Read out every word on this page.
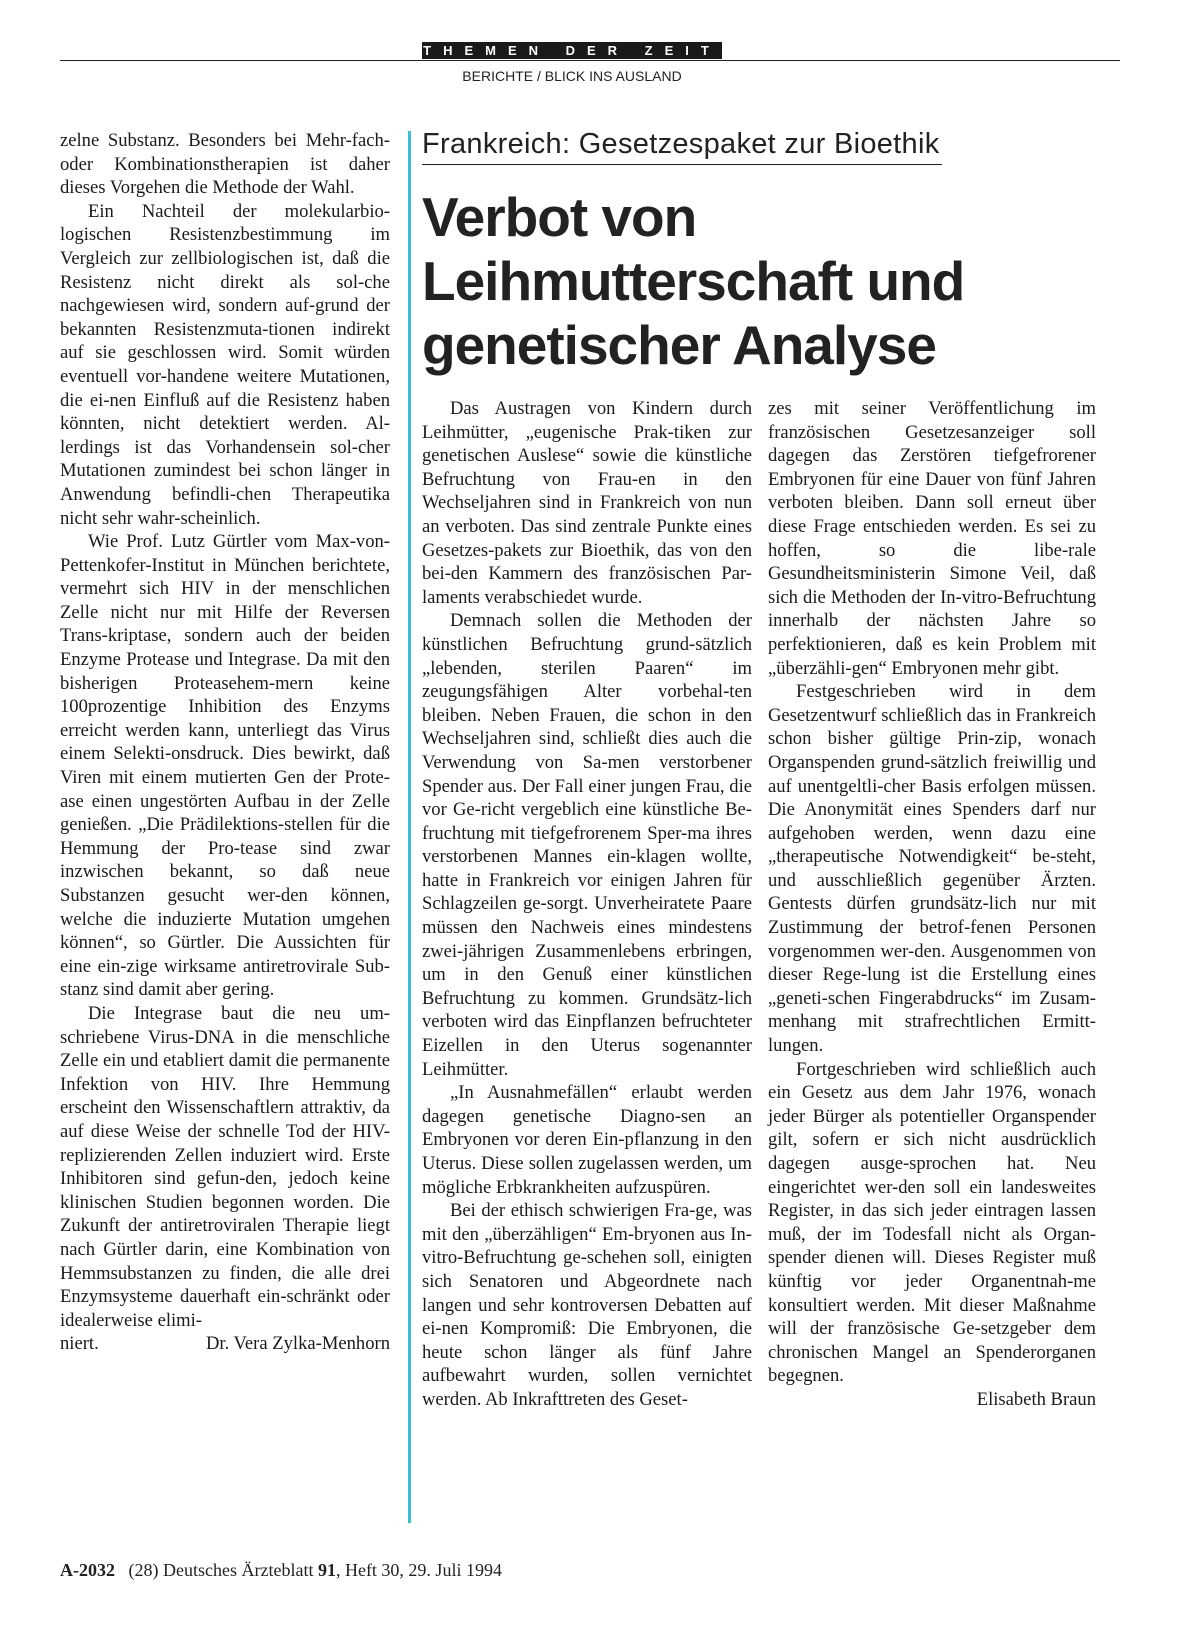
THEMEN DER ZEIT
BERICHTE / BLICK INS AUSLAND

zelne Substanz. Besonders bei Mehr-fach- oder Kombinationstherapien ist daher dieses Vorgehen die Methode der Wahl.

Ein Nachteil der molekularbio-logischen Resistenzbestimmung im Vergleich zur zellbiologischen ist, daß die Resistenz nicht direkt als sol-che nachgewiesen wird, sondern auf-grund der bekannten Resistenzmuta-tionen indirekt auf sie geschlossen wird. Somit würden eventuell vor-handene weitere Mutationen, die ei-nen Einfluß auf die Resistenz haben könnten, nicht detektiert werden. Al-lerdings ist das Vorhandensein sol-cher Mutationen zumindest bei schon länger in Anwendung befindli-chen Therapeutika nicht sehr wahr-scheinlich.

Wie Prof. Lutz Gürtler vom Max-von-Pettenkofer-Institut in München berichtete, vermehrt sich HIV in der menschlichen Zelle nicht nur mit Hilfe der Reversen Trans-kriptase, sondern auch der beiden Enzyme Protease und Integrase. Da mit den bisherigen Proteasehem-mern keine 100prozentige Inhibition des Enzyms erreicht werden kann, unterliegt das Virus einem Selekti-onsdruck. Dies bewirkt, daß Viren mit einem mutierten Gen der Prote-ase einen ungestörten Aufbau in der Zelle genießen. „Die Prädilektions-stellen für die Hemmung der Pro-tease sind zwar inzwischen bekannt, so daß neue Substanzen gesucht wer-den können, welche die induzierte Mutation umgehen können“, so Gürtler. Die Aussichten für eine ein-zige wirksame antiretrovirale Sub-stanz sind damit aber gering.

Die Integrase baut die neu um-schriebene Virus-DNA in die menschliche Zelle ein und etabliert damit die permanente Infektion von HIV. Ihre Hemmung erscheint den Wissenschaftlern attraktiv, da auf diese Weise der schnelle Tod der HIV-replizierenden Zellen induziert wird. Erste Inhibitoren sind gefun-den, jedoch keine klinischen Studien begonnen worden. Die Zukunft der antiretroviralen Therapie liegt nach Gürtler darin, eine Kombination von Hemmsubstanzen zu finden, die alle drei Enzymsysteme dauerhaft ein-schränkt oder idealerweise elimi-

niert.	Dr. Vera Zylka-Menhorn

Frankreich: Gesetzespaket zur Bioethik
Verbot von
Leihmutterschaft und
genetischer Analyse

Das Austragen von Kindern durch Leihmütter, „eugenische Prak-tiken zur genetischen Auslese“ sowie die künstliche Befruchtung von Frau-en in den Wechseljahren sind in Frankreich von nun an verboten. Das sind zentrale Punkte eines Gesetzes-pakets zur Bioethik, das von den bei-den Kammern des französischen Par-laments verabschiedet wurde.

Demnach sollen die Methoden der künstlichen Befruchtung grund-sätzlich „lebenden, sterilen Paaren“ im zeugungsfähigen Alter vorbehal-ten bleiben. Neben Frauen, die schon in den Wechseljahren sind, schließt dies auch die Verwendung von Sa-men verstorbener Spender aus. Der Fall einer jungen Frau, die vor Ge-richt vergeblich eine künstliche Be-fruchtung mit tiefgefrorenem Sper-ma ihres verstorbenen Mannes ein-klagen wollte, hatte in Frankreich vor einigen Jahren für Schlagzeilen ge-sorgt. Unverheiratete Paare müssen den Nachweis eines mindestens zwei-jährigen Zusammenlebens erbringen, um in den Genuß einer künstlichen Befruchtung zu kommen. Grundsätz-lich verboten wird das Einpflanzen befruchteter Eizellen in den Uterus sogenannter Leihmütter.

„In Ausnahmefällen“ erlaubt werden dagegen genetische Diagno-sen an Embryonen vor deren Ein-pflanzung in den Uterus. Diese sollen zugelassen werden, um mögliche Erbkrankheiten aufzuspüren.

Bei der ethisch schwierigen Fra-ge, was mit den „überzähligen“ Em-bryonen aus In-vitro-Befruchtung ge-schehen soll, einigten sich Senatoren und Abgeordnete nach langen und sehr kontroversen Debatten auf ei-nen Kompromiß: Die Embryonen, die heute schon länger als fünf Jahre aufbewahrt wurden, sollen vernichtet werden. Ab Inkrafttreten des Geset-

zes mit seiner Veröffentlichung im französischen Gesetzesanzeiger soll dagegen das Zerstören tiefgefrorener Embryonen für eine Dauer von fünf Jahren verboten bleiben. Dann soll erneut über diese Frage entschieden werden. Es sei zu hoffen, so die libe-rale Gesundheitsministerin Simone Veil, daß sich die Methoden der In-vitro-Befruchtung innerhalb der nächsten Jahre so perfektionieren, daß es kein Problem mit „überzähli-gen“ Embryonen mehr gibt.

Festgeschrieben wird in dem Gesetzentwurf schließlich das in Frankreich schon bisher gültige Prin-zip, wonach Organspenden grund-sätzlich freiwillig und auf unentgeltli-cher Basis erfolgen müssen. Die Anonymität eines Spenders darf nur aufgehoben werden, wenn dazu eine „therapeutische Notwendigkeit“ be-steht, und ausschließlich gegenüber Ärzten. Gentests dürfen grundsätz-lich nur mit Zustimmung der betrof-fenen Personen vorgenommen wer-den. Ausgenommen von dieser Rege-lung ist die Erstellung eines „geneti-schen Fingerabdrucks“ im Zusam-menhang mit strafrechtlichen Ermitt-lungen.

Fortgeschrieben wird schließlich auch ein Gesetz aus dem Jahr 1976, wonach jeder Bürger als potentieller Organspender gilt, sofern er sich nicht ausdrücklich dagegen ausge-sprochen hat. Neu eingerichtet wer-den soll ein landesweites Register, in das sich jeder eintragen lassen muß, der im Todesfall nicht als Organ-spender dienen will. Dieses Register muß künftig vor jeder Organentnah-me konsultiert werden. Mit dieser Maßnahme will der französische Ge-setzgeber dem chronischen Mangel an Spenderorganen begegnen.

Elisabeth Braun

A-2032 (28) Deutsches Ärzteblatt 91, Heft 30, 29. Juli 1994
